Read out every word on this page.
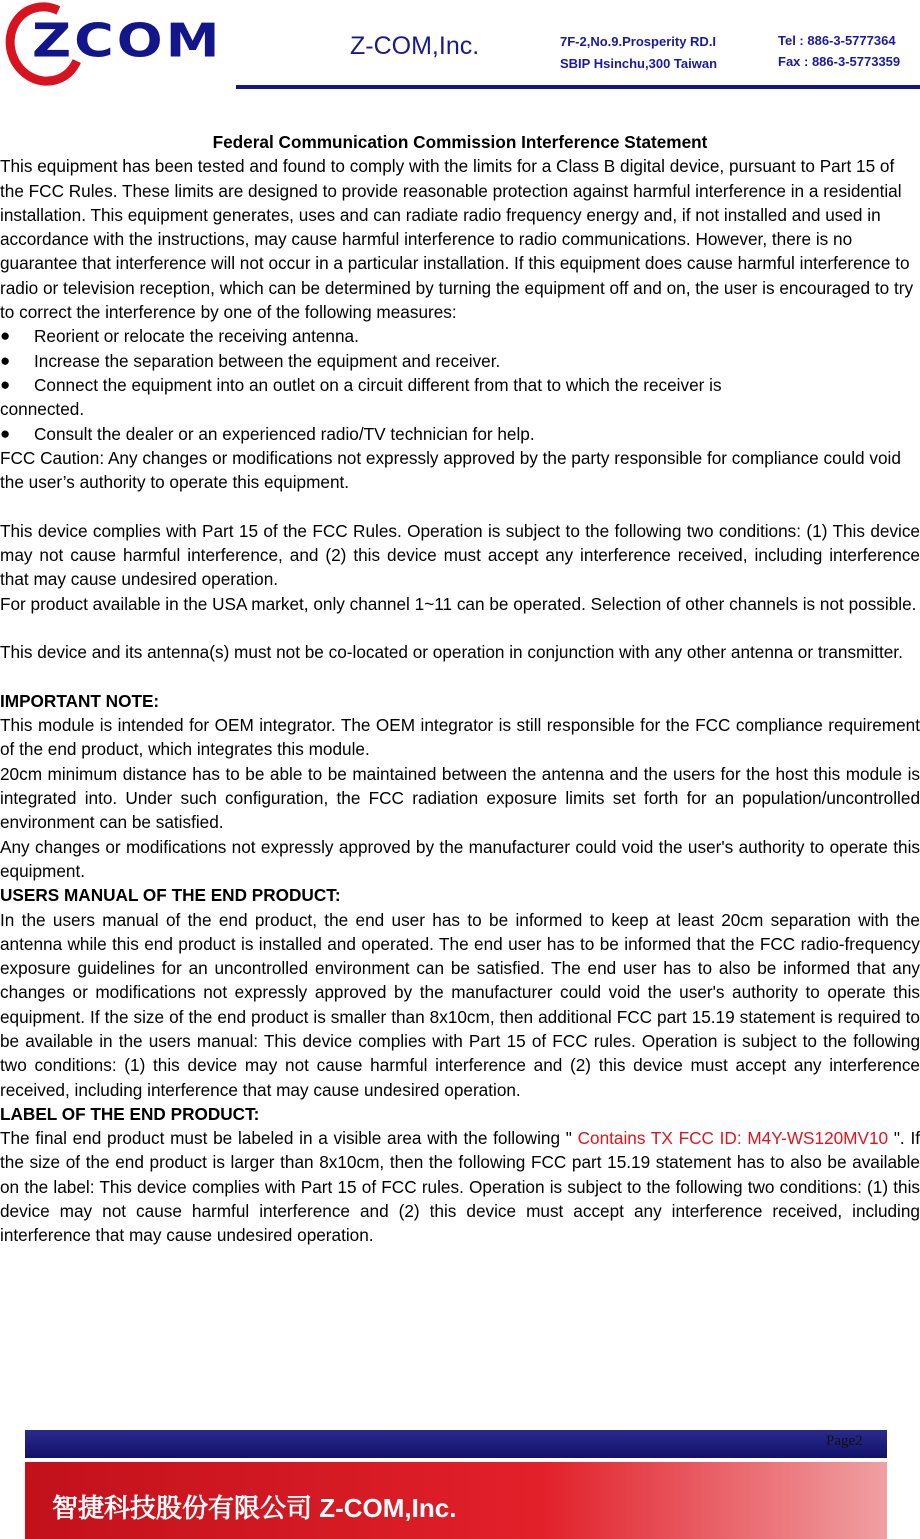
ZCOM	Z-COM,Inc.	7F-2,No.9.Prosperity RD.I
SBIP Hsinchu,300 Taiwan
Tel : 886-3-5777364
Fax : 886-3-5773359

Federal Communication Commission Interference Statement

This equipment has been tested and found to comply with the limits for a Class B digital device, pursuant to Part 15 of the FCC Rules. These limits are designed to provide reasonable protection against harmful interference in a residential installation. This equipment generates, uses and can radiate radio frequency energy and, if not installed and used in accordance with the instructions, may cause harmful interference to radio communications. However, there is no guarantee that interference will not occur in a particular installation. If this equipment does cause harmful interference to radio or television reception, which can be determined by turning the equipment off and on, the user is encouraged to try to correct the interference by one of the following measures:

●	Reorient or relocate the receiving antenna.
●	Increase the separation between the equipment and receiver.
●	Connect the equipment into an outlet on a circuit different from that to which the receiver is

connected.

●	Consult the dealer or an experienced radio/TV technician for help.

FCC Caution: Any changes or modifications not expressly approved by the party responsible for compliance could void the user’s authority to operate this equipment.

This device complies with Part 15 of the FCC Rules. Operation is subject to the following two conditions: (1) This device may not cause harmful interference, and (2) this device must accept any interference received, including interference that may cause undesired operation.

For product available in the USA market, only channel 1~11 can be operated. Selection of other channels is not possible.

This device and its antenna(s) must not be co-located or operation in conjunction with any other antenna or transmitter.

IMPORTANT NOTE:

This module is intended for OEM integrator. The OEM integrator is still responsible for the FCC compliance requirement of the end product, which integrates this module.

20cm minimum distance has to be able to be maintained between the antenna and the users for the host this module is integrated into. Under such configuration, the FCC radiation exposure limits set forth for an population/uncontrolled environment can be satisfied.

Any changes or modifications not expressly approved by the manufacturer could void the user's authority to operate this equipment.

USERS MANUAL OF THE END PRODUCT:

In the users manual of the end product, the end user has to be informed to keep at least 20cm separation with the antenna while this end product is installed and operated. The end user has to be informed that the FCC radio-frequency exposure guidelines for an uncontrolled environment can be satisfied. The end user has to also be informed that any changes or modifications not expressly approved by the manufacturer could void the user's authority to operate this equipment. If the size of the end product is smaller than 8x10cm, then additional FCC part 15.19 statement is required to be available in the users manual: This device complies with Part 15 of FCC rules. Operation is subject to the following two conditions: (1) this device may not cause harmful interference and (2) this device must accept any interference received, including interference that may cause undesired operation.

LABEL OF THE END PRODUCT:

The final end product must be labeled in a visible area with the following " Contains TX FCC ID: M4Y-WS120MV10 ". If the size of the end product is larger than 8x10cm, then the following FCC part 15.19 statement has to also be available on the label: This device complies with Part 15 of FCC rules. Operation is subject to the following two conditions: (1) this device may not cause harmful interference and (2) this device must accept any interference received, including interference that may cause undesired operation.

Page2
智捷科技股份有限公司 Z-COM,Inc.
